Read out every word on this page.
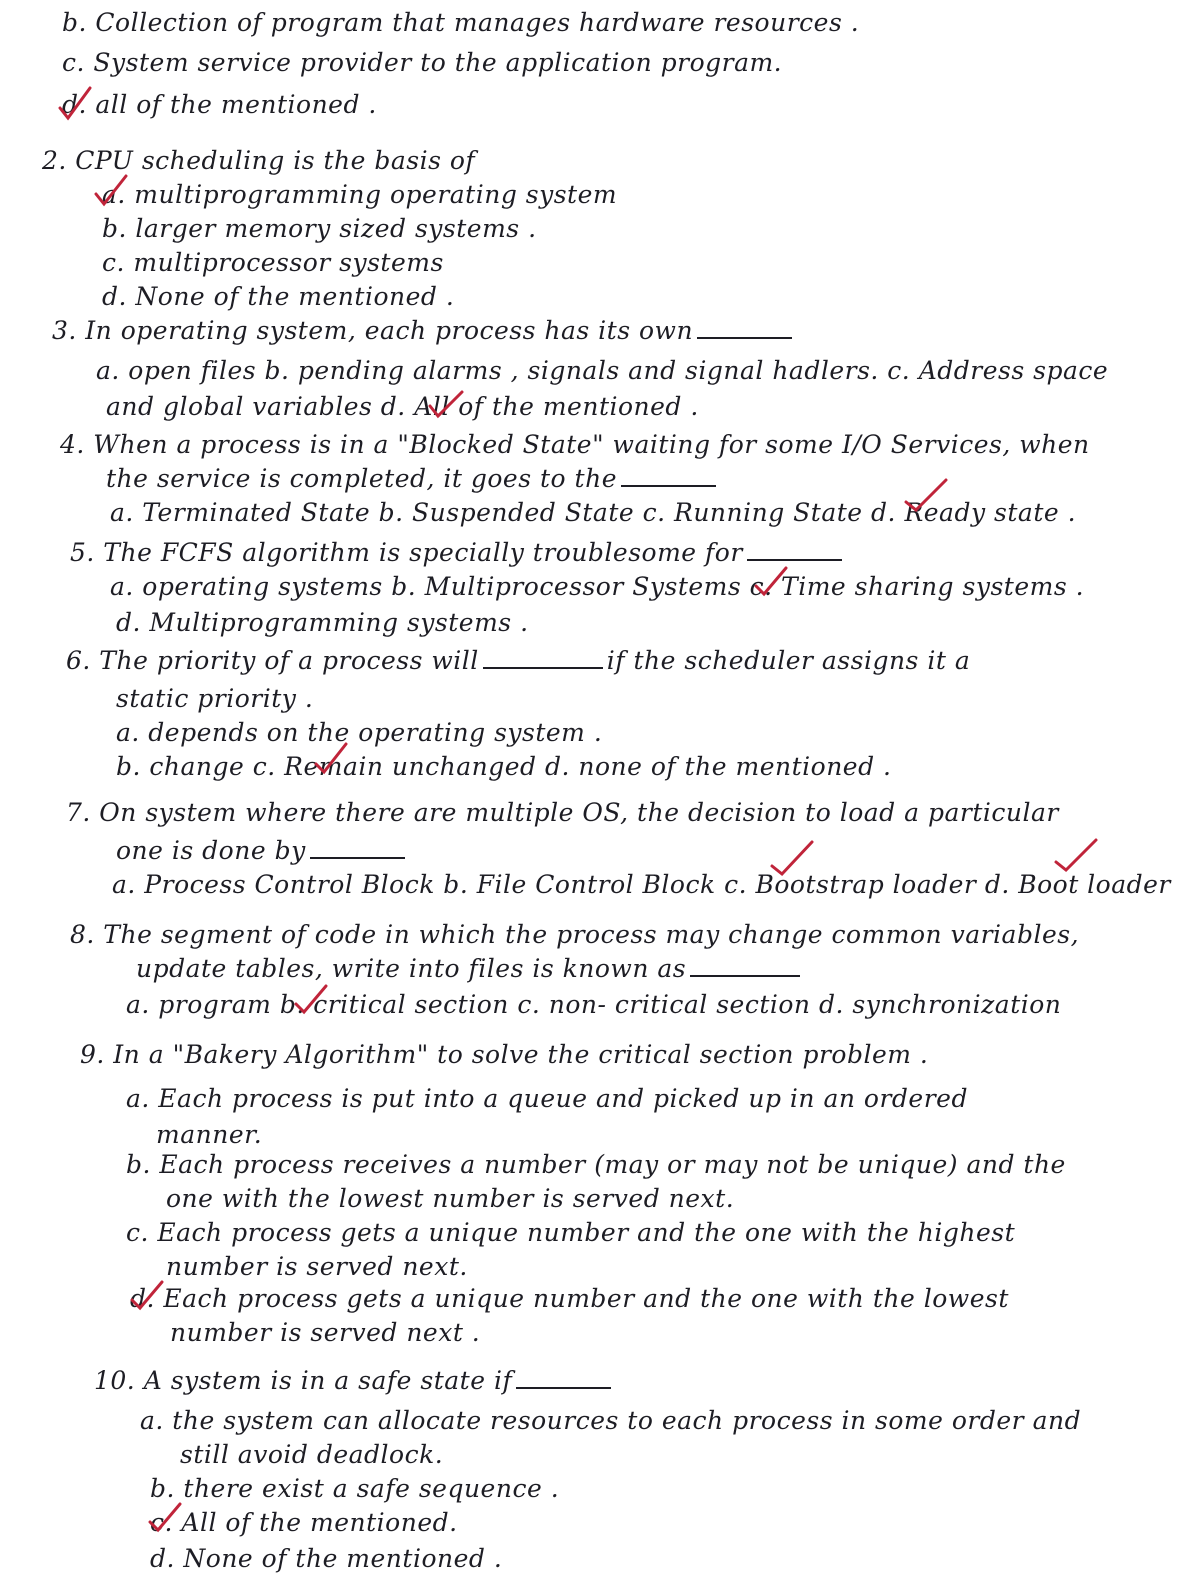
b. Collection of program that manages hardware resources .
c. System service provider to the application program.
d. all of the mentioned .
2. CPU scheduling is the basis of
a. multiprogramming operating system
b. larger memory sized systems .
c. multiprocessor systems
d. None of the mentioned .
3. In operating system, each process has its own
a. open files b. pending alarms , signals and signal hadlers. c. Address space
and global variables d. All of the mentioned .
4. When a process is in a "Blocked State" waiting for some I/O Services, when
the service is completed, it goes to the
a. Terminated State b. Suspended State c. Running State d. Ready state .
5. The FCFS algorithm is specially troublesome for
a. operating systems b. Multiprocessor Systems c. Time sharing systems .
d. Multiprogramming systems .
6. The priority of a process will	if the scheduler assigns it a
static priority .
a. depends on the operating system .
b. change c. Remain unchanged d. none of the mentioned .
7. On system where there are multiple OS, the decision to load a particular
one is done by
a. Process Control Block b. File Control Block c. Bootstrap loader d. Boot loader
8. The segment of code in which the process may change common variables,
update tables, write into files is known as
a. program b. critical section c. non- critical section d. synchronization
9. In a "Bakery Algorithm" to solve the critical section problem .
a. Each process is put into a queue and picked up in an ordered
manner.
b. Each process receives a number (may or may not be unique) and the
one with the lowest number is served next.
c. Each process gets a unique number and the one with the highest
number is served next.
d. Each process gets a unique number and the one with the lowest
number is served next .
10. A system is in a safe state if
a. the system can allocate resources to each process in some order and
still avoid deadlock.
b. there exist a safe sequence .
c. All of the mentioned.
d. None of the mentioned .
